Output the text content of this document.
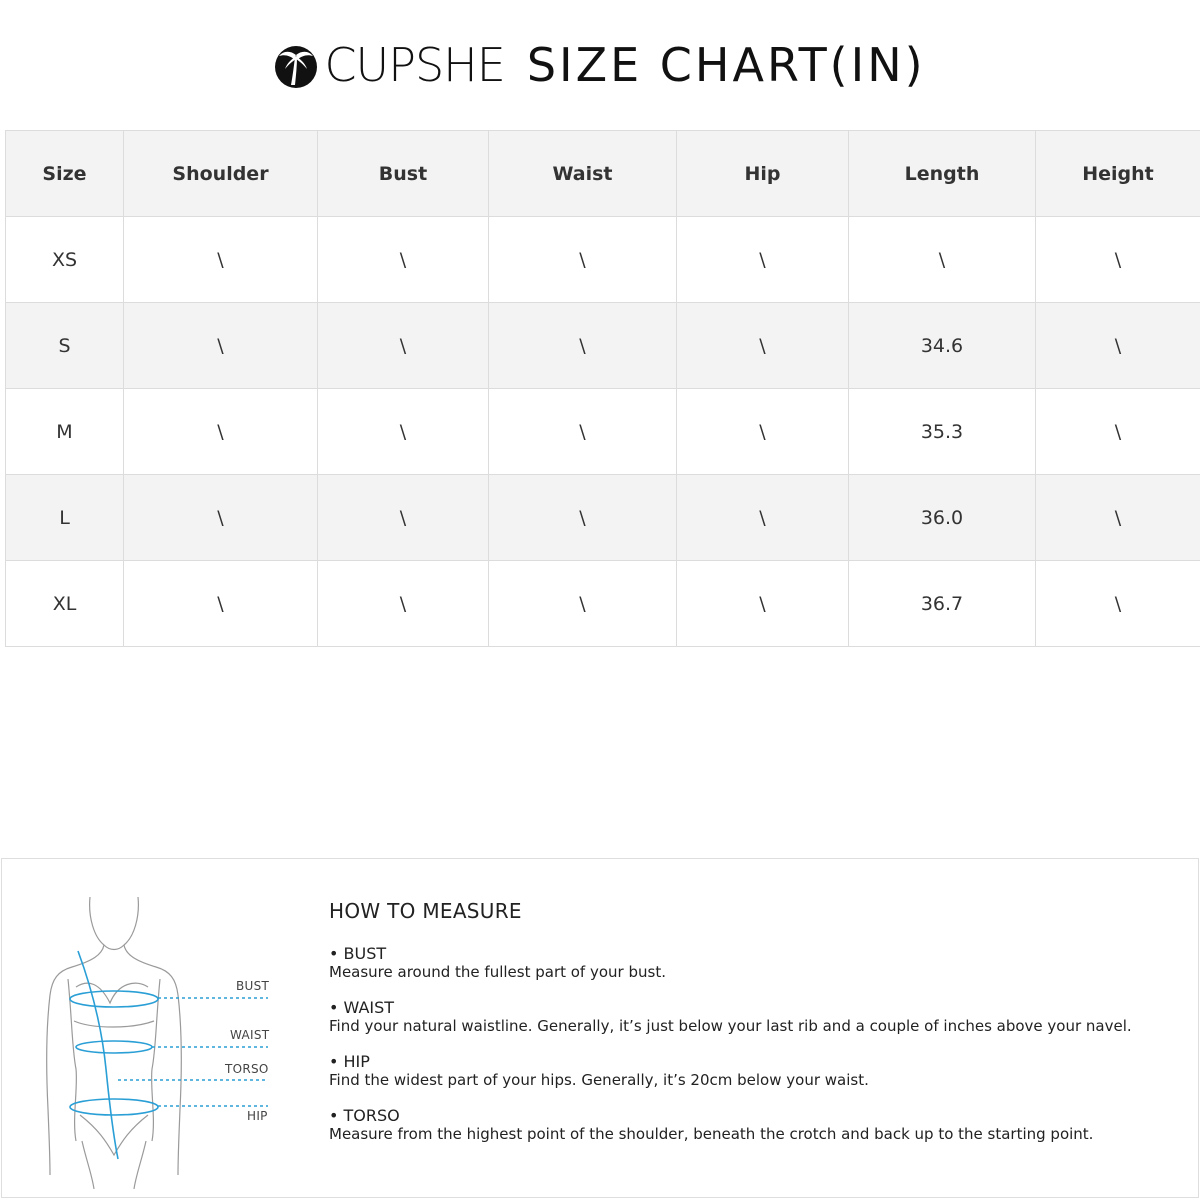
CUPSHE SIZE CHART(IN)
Size	Shoulder	Bust	Waist	Hip	Length	Height
XS	\	\	\	\	\	\
S	\	\	\	\	34.6	\
M	\	\	\	\	35.3	\
L	\	\	\	\	36.0	\
XL	\	\	\	\	36.7	\
BUST
WAIST
TORSO
HIP
HOW TO MEASURE
• BUST
Measure around the fullest part of your bust.
• WAIST
Find your natural waistline. Generally, it’s just below your last rib and a couple of inches above your navel.
• HIP
Find the widest part of your hips. Generally, it’s 20cm below your waist.
• TORSO
Measure from the highest point of the shoulder, beneath the crotch and back up to the starting point.
